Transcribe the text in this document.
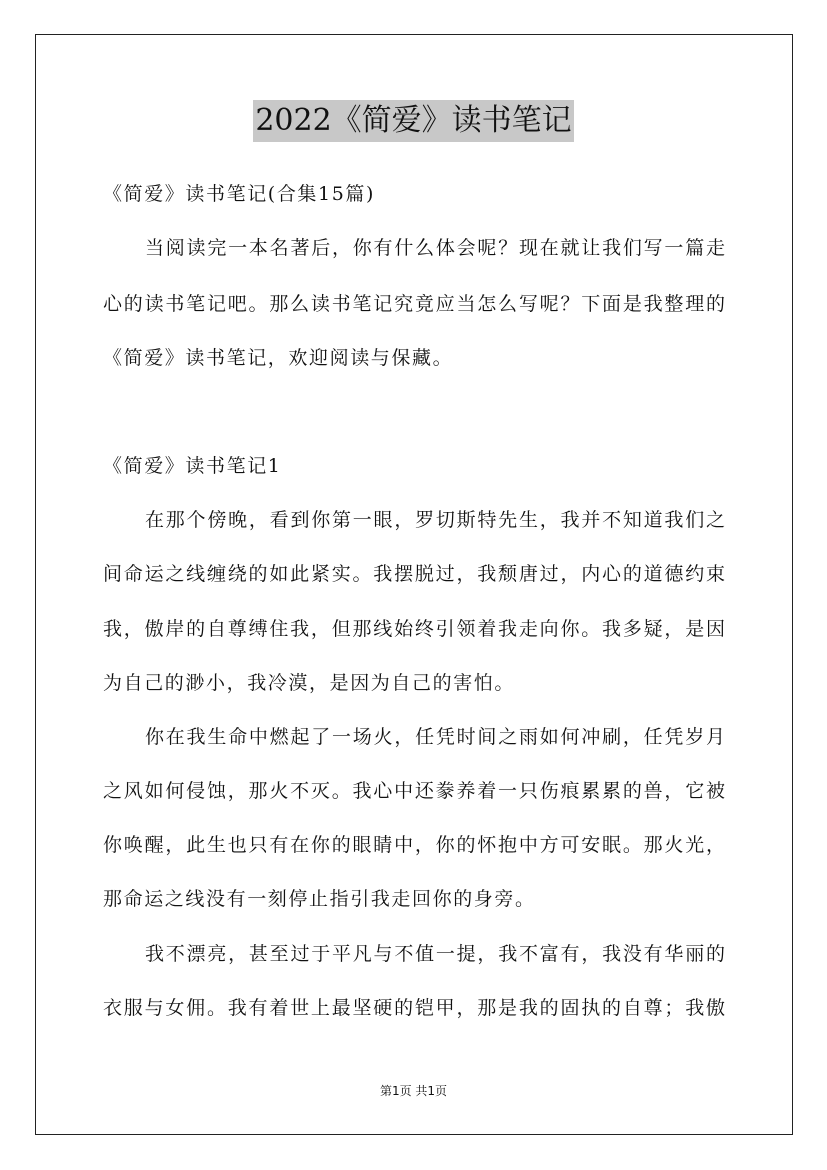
2022《简爱》读书笔记
《简爱》读书笔记(合集15篇)
当阅读完一本名著后，你有什么体会呢？现在就让我们写一篇走
心的读书笔记吧。那么读书笔记究竟应当怎么写呢？下面是我整理的
《简爱》读书笔记，欢迎阅读与保藏。
《简爱》读书笔记1
在那个傍晚，看到你第一眼，罗切斯特先生，我并不知道我们之
间命运之线缠绕的如此紧实。我摆脱过，我颓唐过，内心的道德约束
我，傲岸的自尊缚住我，但那线始终引领着我走向你。我多疑，是因
为自己的渺小，我冷漠，是因为自己的害怕。
你在我生命中燃起了一场火，任凭时间之雨如何冲刷，任凭岁月
之风如何侵蚀，那火不灭。我心中还豢养着一只伤痕累累的兽，它被
你唤醒，此生也只有在你的眼睛中，你的怀抱中方可安眠。那火光，
那命运之线没有一刻停止指引我走回你的身旁。
我不漂亮，甚至过于平凡与不值一提，我不富有，我没有华丽的
衣服与女佣。我有着世上最坚硬的铠甲，那是我的固执的自尊；我傲
第1页 共1页
